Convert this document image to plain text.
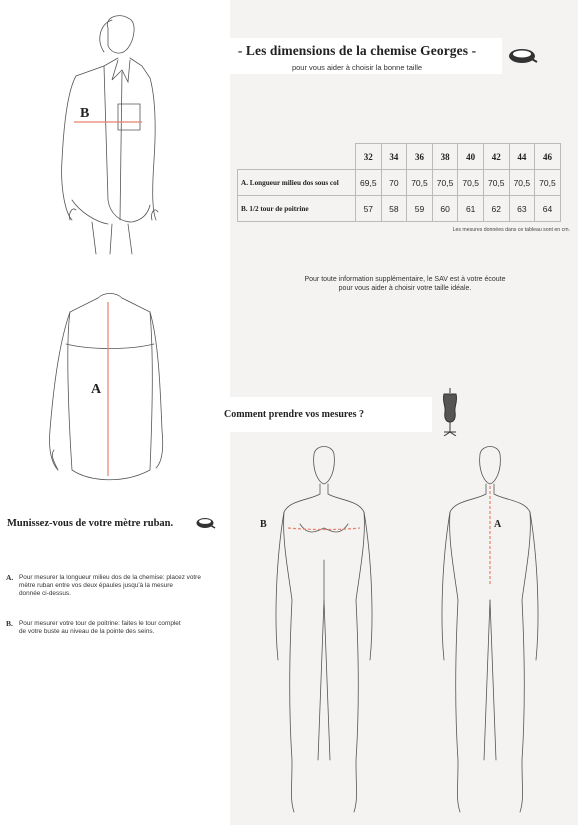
B
A
B	A
- Les dimensions de la chemise Georges -
pour vous aider à choisir la bonne taille
	32	34	36	38	40	42	44	46
A. Longueur milieu dos sous col	69,5	70	70,5	70,5	70,5	70,5	70,5	70,5
B. 1/2 tour de poitrine	57	58	59	60	61	62	63	64
Les mesures données dans ce tableau sont en cm.
Pour toute information supplémentaire, le SAV est à votre écoute
pour vous aider à choisir votre taille idéale.
Comment prendre vos mesures ?
Munissez-vous de votre mètre ruban.
A. Pour mesurer la longueur milieu dos de la chemise: placez votre
mètre ruban entre vos deux épaules jusqu'à la mesure
donnée ci-dessus.
B. Pour mesurer votre tour de poitrine: faites le tour complet
de votre buste au niveau de la pointe des seins.
